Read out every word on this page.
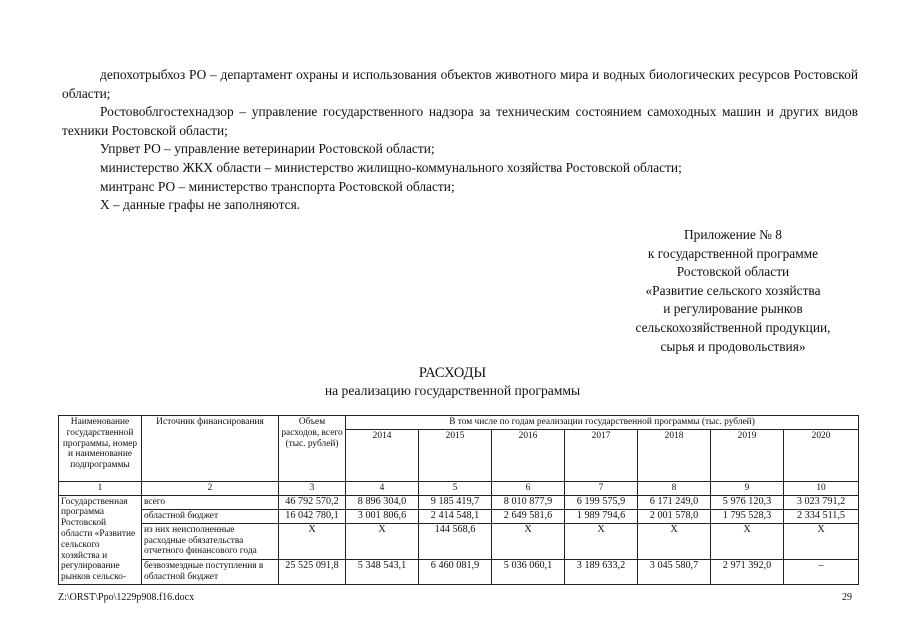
депохотрыбхоз РО – департамент охраны и использования объектов животного мира и водных биологических ресурсов Ростовской области;

Ростовоблгостехнадзор – управление государственного надзора за техническим состоянием самоходных машин и других видов техники Ростовской области;

Упрвет РО – управление ветеринарии Ростовской области;

министерство ЖКХ области – министерство жилищно-коммунального хозяйства Ростовской области;

минтранс РО – министерство транспорта Ростовской области;

Х – данные графы не заполняются.

Приложение № 8
к государственной программе
Ростовской области
«Развитие сельского хозяйства
и регулирование рынков
сельскохозяйственной продукции,
сырья и продовольствия»
РАСХОДЫ
на реализацию государственной программы
Наименование государственной программы, номер и наименование подпрограммы	Источник финансирования	Объем расходов, всего (тыс. рублей)	В том числе по годам реализации государственной программы (тыс. рублей)						
			2014	2015	2016	2017	2018	2019	2020
1	2	3	4	5	6	7	8	9	10
Государственная программа Ростовской области «Развитие сельского хозяйства и регулирование рынков сельско-	всего	46 792 570,2	8 896 304,0	9 185 419,7	8 010 877,9	6 199 575,9	6 171 249,0	5 976 120,3	3 023 791,2
	областной бюджет	16 042 780,1	3 001 806,6	2 414 548,1	2 649 581,6	1 989 794,6	2 001 578,0	1 795 528,3	2 334 511,5
	из них неисполненные расходные обязательства отчетного финансового года	Х	Х	144 568,6	Х	Х	Х	Х	Х
	безвозмездные поступления в областной бюджет	25 525 091,8	5 348 543,1	6 460 081,9	5 036 060,1	3 189 633,2	3 045 580,7	2 971 392,0	–
Z:\ORST\Ppo\1229p908.f16.docx	29
